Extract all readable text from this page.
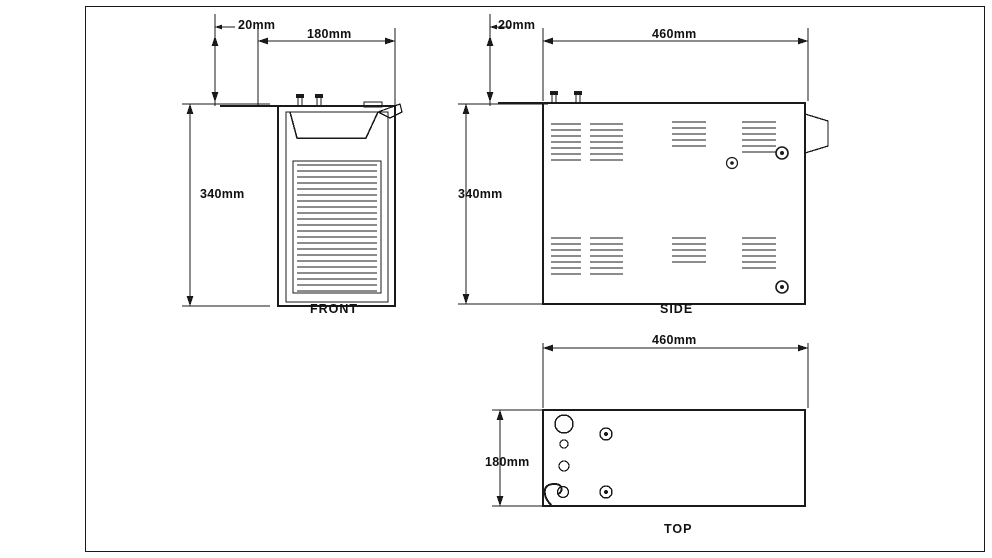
20mm
180mm
340mm
FRONT
20mm
460mm
340mm
SIDE
460mm
180mm
TOP
